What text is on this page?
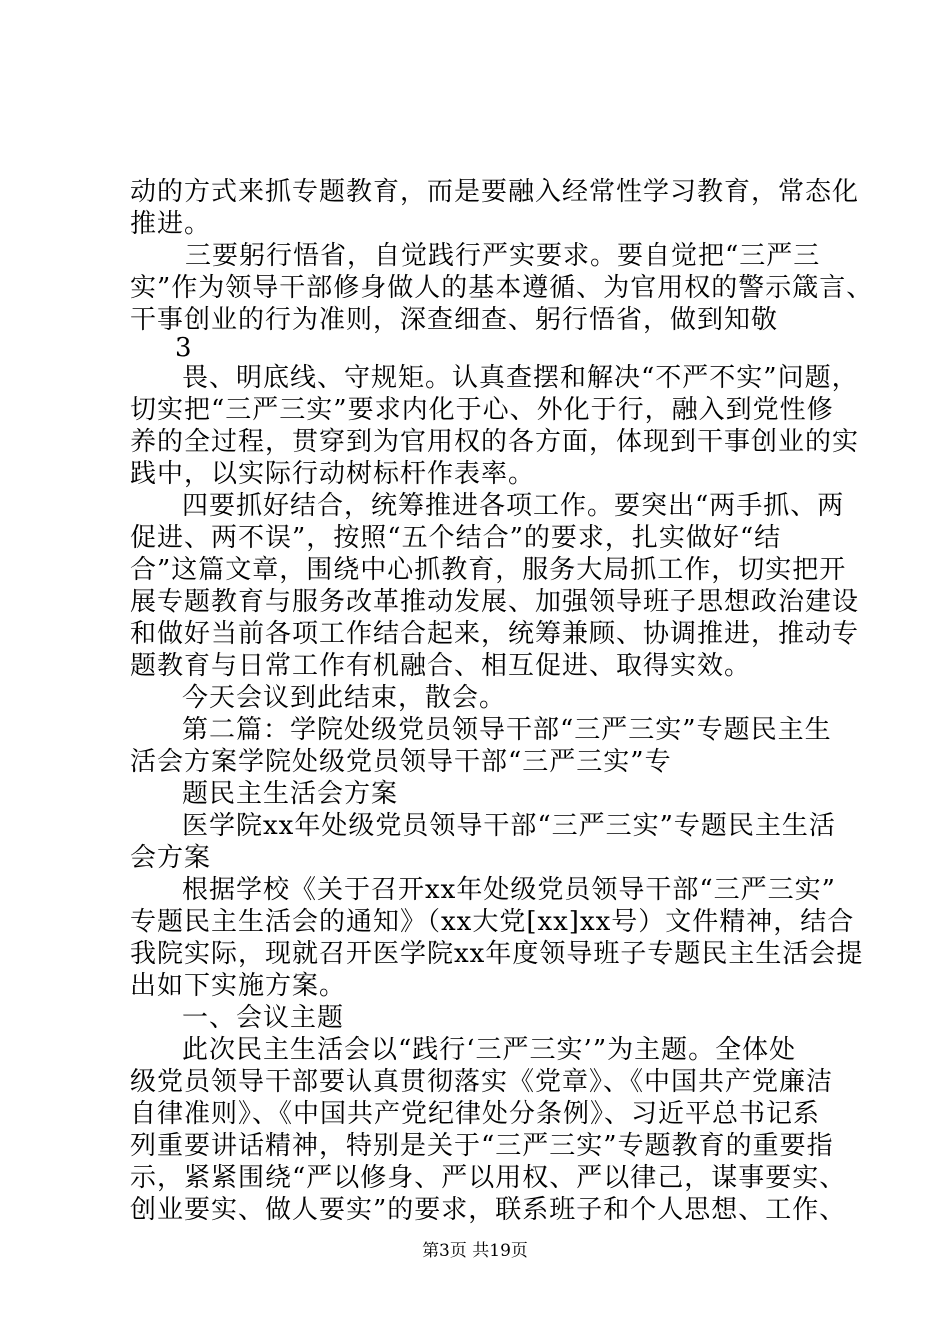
动的方式来抓专题教育，而是要融入经常性学习教育，常态化
推进。
　三要躬行悟省，自觉践行严实要求。要自觉把“三严三
实”作为领导干部修身做人的基本遵循、为官用权的警示箴言、
干事创业的行为准则，深查细查、躬行悟省，做到知敬
3
畏、明底线、守规矩。认真查摆和解决“不严不实”问题，
切实把“三严三实”要求内化于心、外化于行，融入到党性修
养的全过程，贯穿到为官用权的各方面，体现到干事创业的实
践中，以实际行动树标杆作表率。
四要抓好结合，统筹推进各项工作。要突出“两手抓、两
促进、两不误”，按照“五个结合”的要求，扎实做好“结
合”这篇文章，围绕中心抓教育，服务大局抓工作，切实把开
展专题教育与服务改革推动发展、加强领导班子思想政治建设
和做好当前各项工作结合起来，统筹兼顾、协调推进，推动专
题教育与日常工作有机融合、相互促进、取得实效。
今天会议到此结束，散会。
第二篇：学院处级党员领导干部“三严三实”专题民主生
活会方案学院处级党员领导干部“三严三实”专
题民主生活会方案
医学院xx年处级党员领导干部“三严三实”专题民主生活
会方案
根据学校《关于召开xx年处级党员领导干部“三严三实”
专题民主生活会的通知》（xx大党[xx]xx号）文件精神，结合
我院实际，现就召开医学院xx年度领导班子专题民主生活会提
出如下实施方案。
一、会议主题
此次民主生活会以“践行‘三严三实’”为主题。全体处
级党员领导干部要认真贯彻落实《党章》、《中国共产党廉洁
自律准则》、《中国共产党纪律处分条例》、习近平总书记系
列重要讲话精神，特别是关于“三严三实”专题教育的重要指
示，紧紧围绕“严以修身、严以用权、严以律己，谋事要实、
创业要实、做人要实”的要求，联系班子和个人思想、工作、
第3页 共19页
